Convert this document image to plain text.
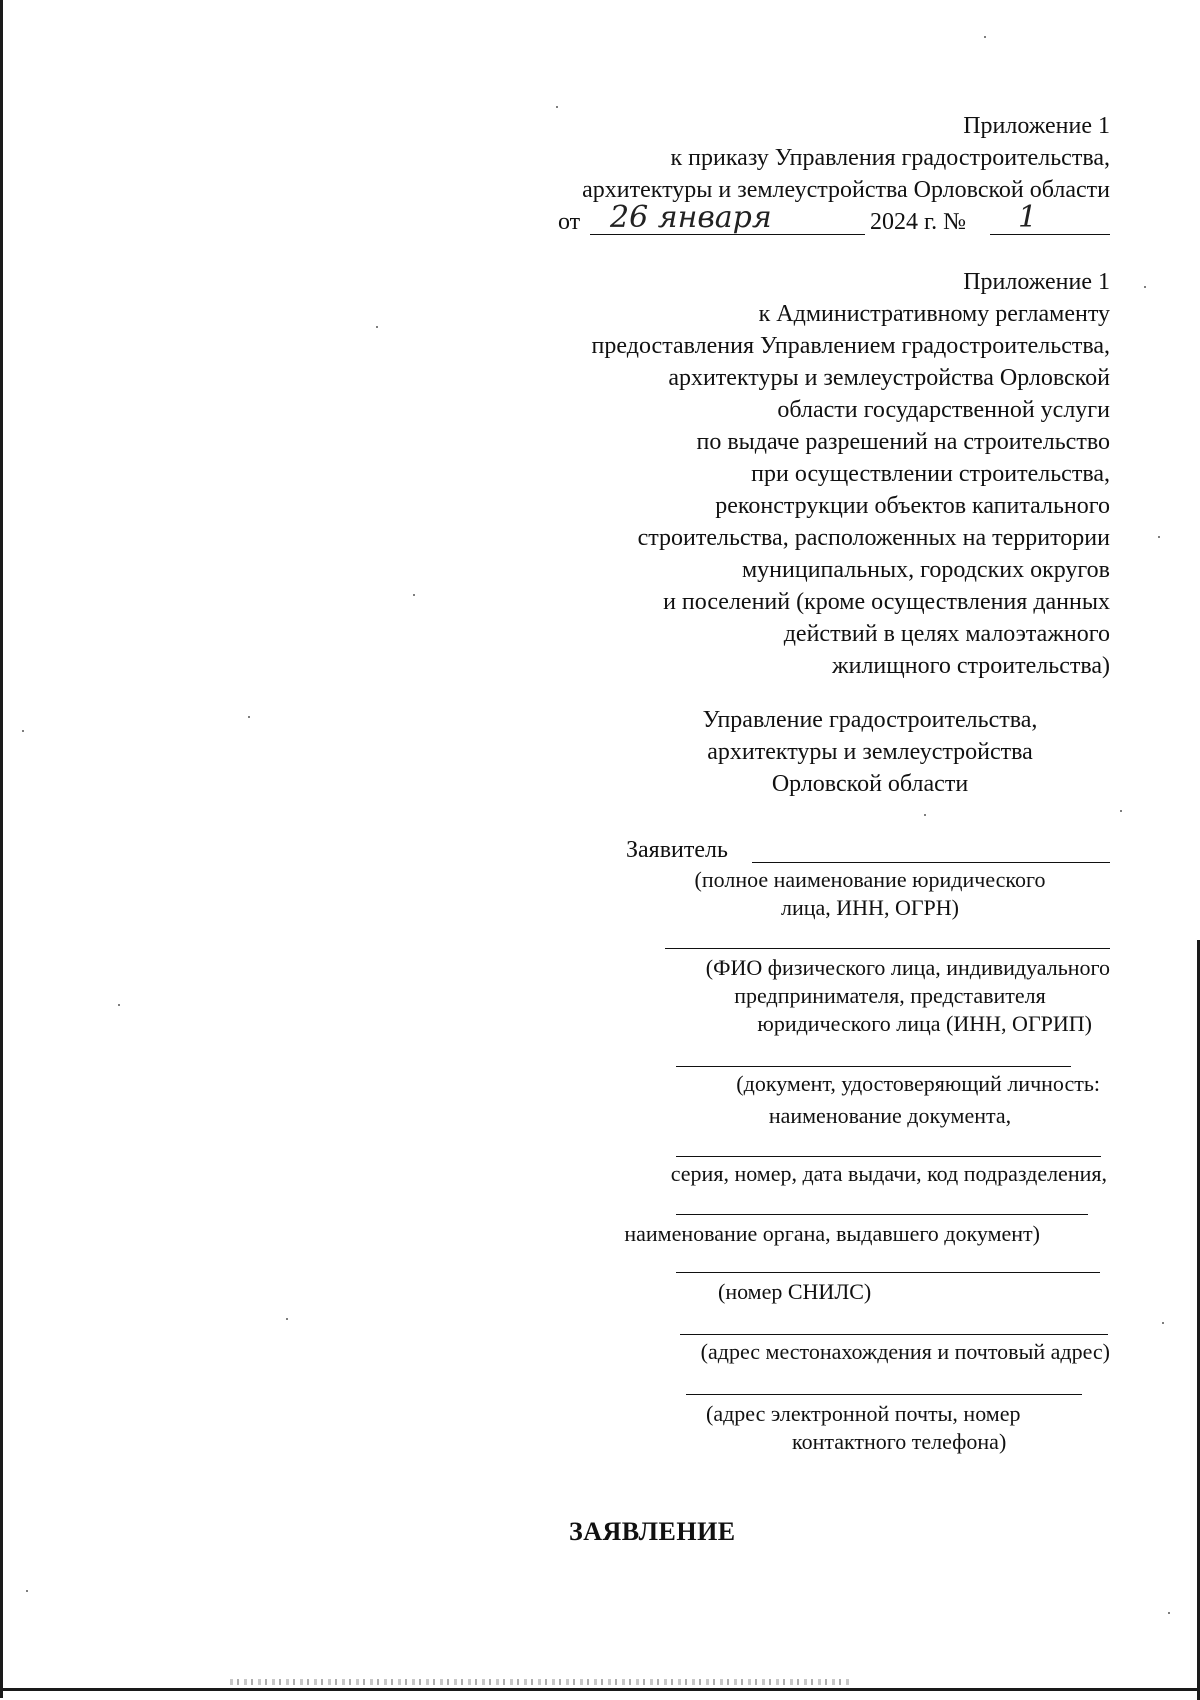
Приложение 1
к приказу Управления градостроительства,
архитектуры и землеустройства Орловской области
от 26 января	2024 г. № 1
Приложение 1
к Административному регламенту
предоставления Управлением градостроительства,
архитектуры и землеустройства Орловской
области государственной услуги
по выдаче разрешений на строительство
при осуществлении строительства,
реконструкции объектов капитального
строительства, расположенных на территории
муниципальных, городских округов
и поселений (кроме осуществления данных
действий в целях малоэтажного
жилищного строительства)
Управление градостроительства,
архитектуры и землеустройства
Орловской области
Заявитель
(полное наименование юридического
лица, ИНН, ОГРН)
(ФИО физического лица, индивидуального
предпринимателя, представителя
юридического лица (ИНН, ОГРИП)
(документ, удостоверяющий личность:
наименование документа,
серия, номер, дата выдачи, код подразделения,
наименование органа, выдавшего документ)
(номер СНИЛС)
(адрес местонахождения и почтовый адрес)
(адрес электронной почты, номер
контактного телефона)
ЗАЯВЛЕНИЕ
